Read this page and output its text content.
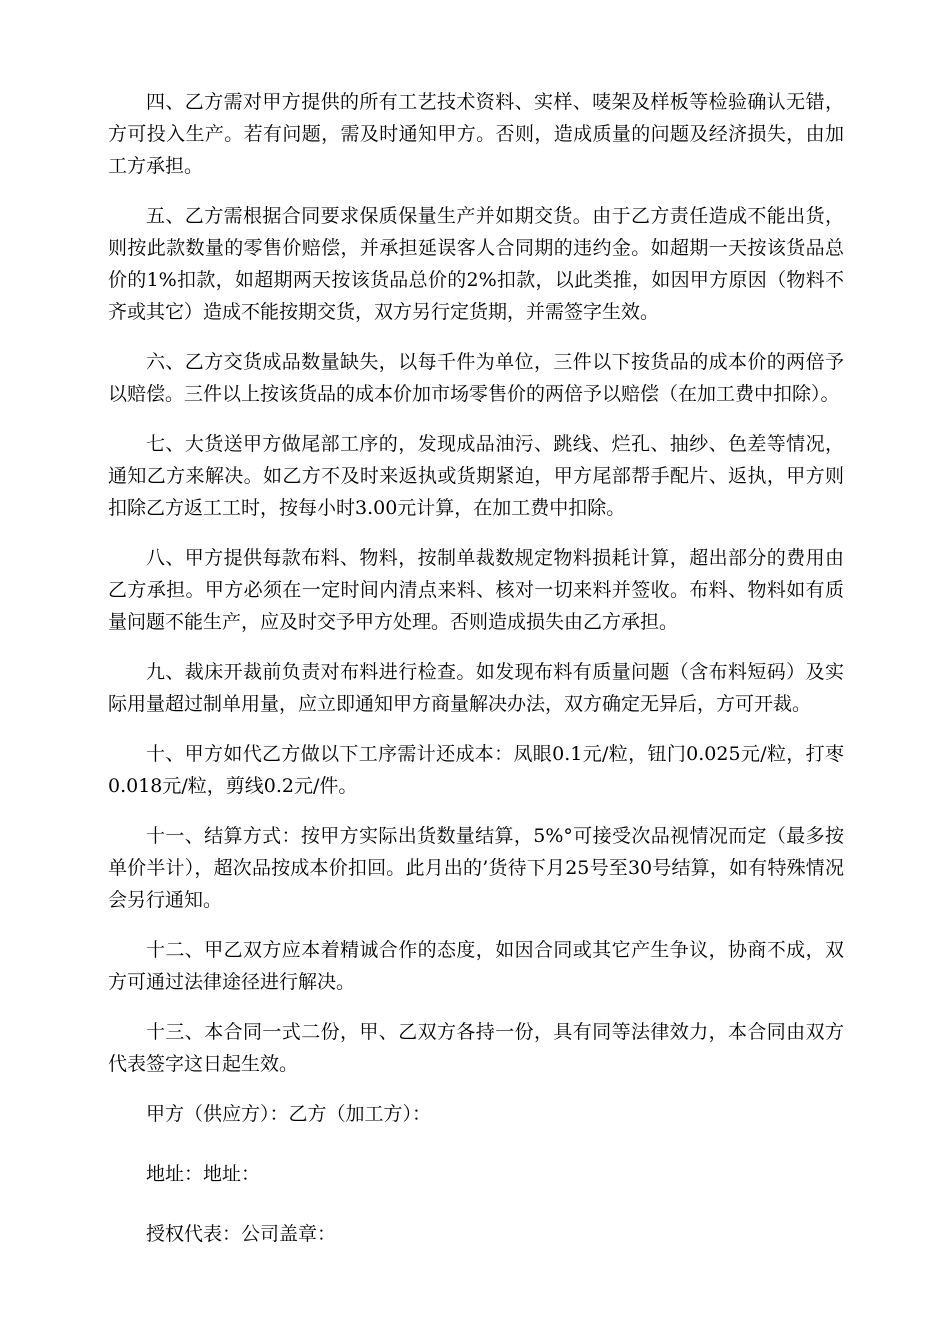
四、乙方需对甲方提供的所有工艺技术资料、实样、唛架及样板等检验确认无错，方可投入生产。若有问题，需及时通知甲方。否则，造成质量的问题及经济损失，由加工方承担。

五、乙方需根据合同要求保质保量生产并如期交货。由于乙方责任造成不能出货，则按此款数量的零售价赔偿，并承担延误客人合同期的违约金。如超期一天按该货品总价的1%扣款，如超期两天按该货品总价的2%扣款，以此类推，如因甲方原因（物料不齐或其它）造成不能按期交货，双方另行定货期，并需签字生效。

六、乙方交货成品数量缺失，以每千件为单位，三件以下按货品的成本价的两倍予以赔偿。三件以上按该货品的成本价加市场零售价的两倍予以赔偿（在加工费中扣除）。

七、大货送甲方做尾部工序的，发现成品油污、跳线、烂孔、抽纱、色差等情况，通知乙方来解决。如乙方不及时来返执或货期紧迫，甲方尾部帮手配片、返执，甲方则扣除乙方返工工时，按每小时3.00元计算，在加工费中扣除。

八、甲方提供每款布料、物料，按制单裁数规定物料损耗计算，超出部分的费用由乙方承担。甲方必须在一定时间内清点来料、核对一切来料并签收。布料、物料如有质量问题不能生产，应及时交予甲方处理。否则造成损失由乙方承担。

九、裁床开裁前负责对布料进行检查。如发现布料有质量问题（含布料短码）及实际用量超过制单用量，应立即通知甲方商量解决办法，双方确定无异后，方可开裁。

十、甲方如代乙方做以下工序需计还成本：凤眼0.1元/粒，钮门0.025元/粒，打枣0.018元/粒，剪线0.2元/件。

十一、结算方式：按甲方实际出货数量结算，5%°可接受次品视情况而定（最多按单价半计），超次品按成本价扣回。此月出的’货待下月25号至30号结算，如有特殊情况会另行通知。

十二、甲乙双方应本着精诚合作的态度，如因合同或其它产生争议，协商不成，双方可通过法律途径进行解决。

十三、本合同一式二份，甲、乙双方各持一份，具有同等法律效力，本合同由双方代表签字这日起生效。

甲方（供应方）：乙方（加工方）：

地址：地址：

授权代表：公司盖章：
